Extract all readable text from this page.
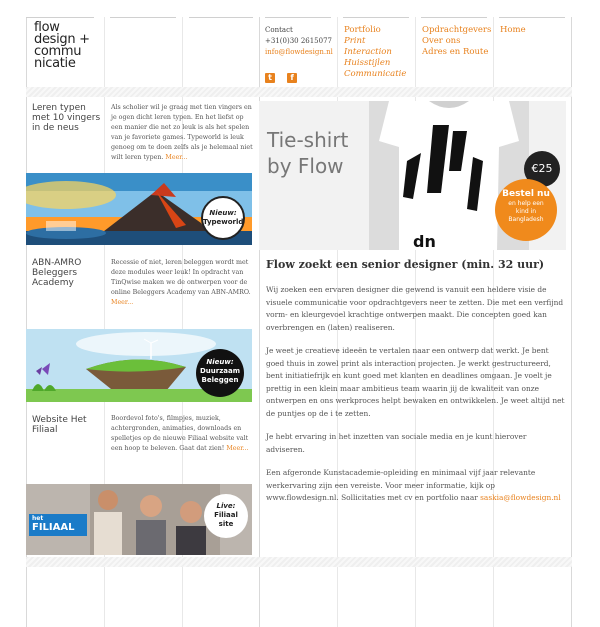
flow
design +
commu
nicatie
Contact
+31(0)30 2615077
info@flowdesign.nl
t f
Portfolio
Print
Interaction
Huisstijlen
Communicatie
Opdrachtgevers
Over ons
Adres en Route
Home
Leren typen
met 10 vingers
in de neus
Als scholier wil je graag met tien vingers en je ogen dicht leren typen. En het liefst op een manier die net zo leuk is als het spelen van je favoriete games. Typeworld is leuk genoeg om te doen zelfs als je helemaal niet wilt leren typen. Meer...
Nieuw:
Typeworld
ABN-AMRO
Beleggers
Academy
Recessie of niet, leren beleggen wordt met deze modules weer leuk! In opdracht van TinQwise maken we de ontwerpen voor de online Beleggers Academy van ABN-AMRO. Meer...
Nieuw:
Duurzaam
Beleggen
Website Het
Filiaal
Boordevol foto's, filmpjes, muziek, achtergronden, animaties, downloads en spelletjes op de nieuwe Filiaal website valt een hoop te beleven. Gaat dat zien! Meer...
het
FILIAAL
Live:
Filiaal
site
Tie-shirt
by Flow
dn
€25
Bestel nu
en help een
kind in
Bangladesh
Flow zoekt een senior designer (min. 32 uur)

Wij zoeken een ervaren designer die gewend is vanuit een heldere visie de visuele communicatie voor opdrachtgevers neer te zetten. Die met een verfijnd vorm- en kleurgevoel krachtige ontwerpen maakt. Die concepten goed kan overbrengen en (laten) realiseren.

Je weet je creatieve ideeën te vertalen naar een ontwerp dat werkt. Je bent goed thuis in zowel print als interaction projecten. Je werkt gestructureerd, bent initiatiefrijk en kunt goed met klanten en deadlines omgaan. Je voelt je prettig in een klein maar ambitieus team waarin jij de kwaliteit van onze ontwerpen en ons werkproces helpt bewaken en ontwikkelen. Je weet altijd net de puntjes op de i te zetten.

Je hebt ervaring in het inzetten van sociale media en je kunt hierover adviseren.

Een afgeronde Kunstacademie-opleiding en minimaal vijf jaar relevante werkervaring zijn een vereiste. Voor meer informatie, kijk op www.flowdesign.nl. Sollicitaties met cv en portfolio naar saskia@flowdesign.nl
